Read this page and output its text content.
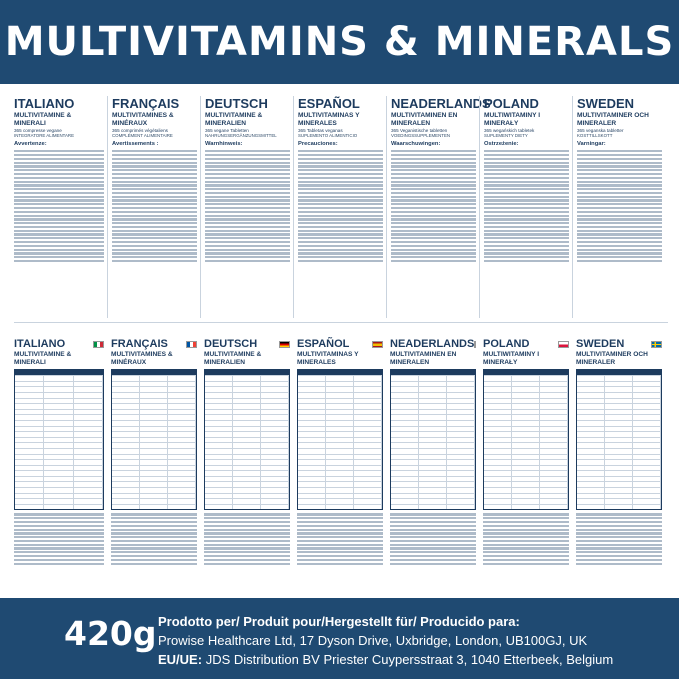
MULTIVITAMINS & MINERALS
ITALIANO
MULTIVITAMINE & MINERALI
365 compresse vegane
INTEGRATORE ALIMENTARE
Avvertenze:
FRANÇAIS
MULTIVITAMINES & MINÉRAUX
365 comprimés végétaliens
COMPLÉMENT ALIMENTAIRE
Avertissements :
DEUTSCH
MULTIVITAMINE & MINERALIEN
365 vegane Tabletten
NAHRUNGSERGÄNZUNGSMITTEL
Warnhinweis:
ESPAÑOL
MULTIVITAMINAS Y MINERALES
365 Tabletas veganas
SUPLEMENTO ALIMENTICIO
Precauciones:
NEADERLANDS
MULTIVITAMINEN EN MINERALEN
365 Veganistische tabletten
VOEDINGSSUPPLEMENTEN
Waarschuwingen:
POLAND
MULTIWITAMINY I MINERAŁY
365 wegańskich tabletek
SUPLEMENTY DIETY
Ostrzeżenie:
SWEDEN
MULTIVITAMINER OCH MINERALER
365 veganska tabletter
KOSTTILLSKOTT
Varningar:
ITALIANO
MULTIVITAMINE & MINERALI
FRANÇAIS
MULTIVITAMINES & MINÉRAUX
DEUTSCH
MULTIVITAMINE & MINERALIEN
ESPAÑOL
MULTIVITAMINAS Y MINERALES
NEADERLANDS
MULTIVITAMINEN EN MINERALEN
POLAND
MULTIWITAMINY I MINERAŁY
SWEDEN
MULTIVITAMINER OCH MINERALER
420g Prodotto per/ Produit pour/Hergestellt für/ Producido para:
Prowise Healthcare Ltd, 17 Dyson Drive, Uxbridge, London, UB100GJ, UK
EU/UE: JDS Distribution BV Priester Cuypersstraat 3, 1040 Etterbeek, Belgium
